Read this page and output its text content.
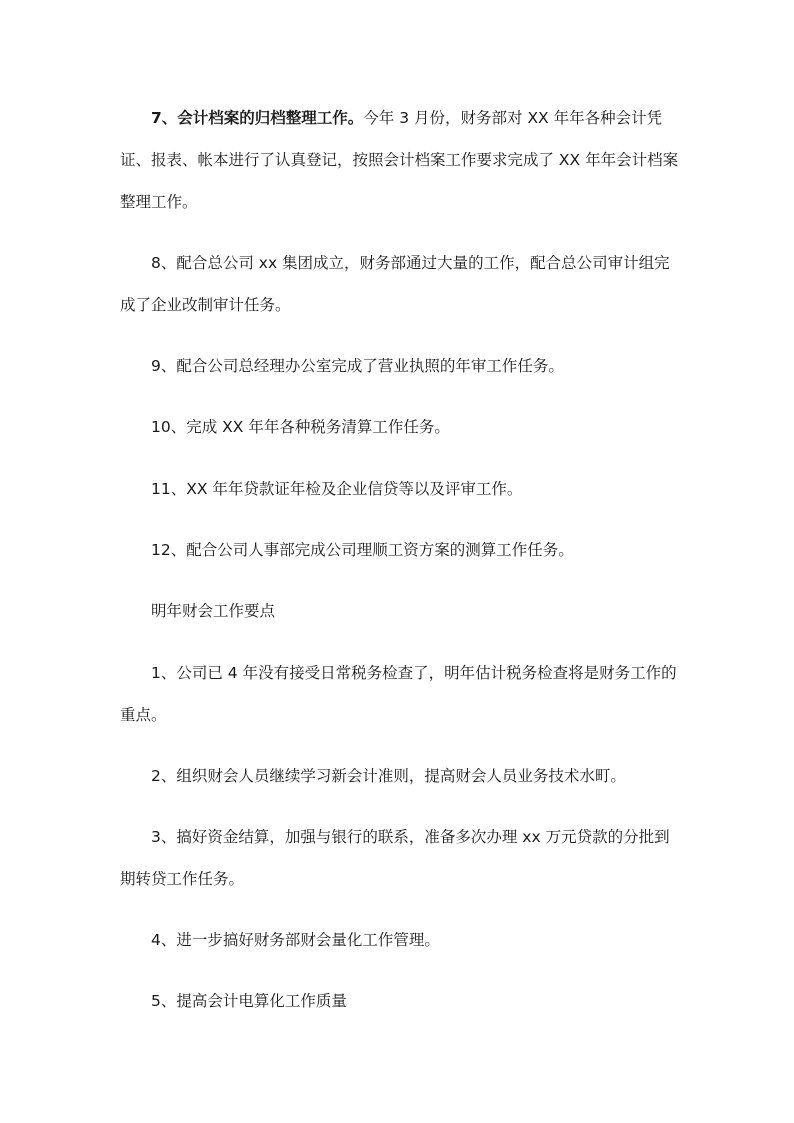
7、会计档案的归档整理工作。今年 3 月份，财务部对 XX 年年各种会计凭证、报表、帐本进行了认真登记，按照会计档案工作要求完成了 XX 年年会计档案整理工作。

8、配合总公司 xx 集团成立，财务部通过大量的工作，配合总公司审计组完成了企业改制审计任务。

9、配合公司总经理办公室完成了营业执照的年审工作任务。

10、完成 XX 年年各种税务清算工作任务。

11、XX 年年贷款证年检及企业信贷等以及评审工作。

12、配合公司人事部完成公司理顺工资方案的测算工作任务。

明年财会工作要点

1、公司已 4 年没有接受日常税务检查了，明年估计税务检查将是财务工作的重点。

2、组织财会人员继续学习新会计准则，提高财会人员业务技术水町。

3、搞好资金结算，加强与银行的联系，准备多次办理 xx 万元贷款的分批到期转贷工作任务。

4、进一步搞好财务部财会量化工作管理。

5、提高会计电算化工作质量
